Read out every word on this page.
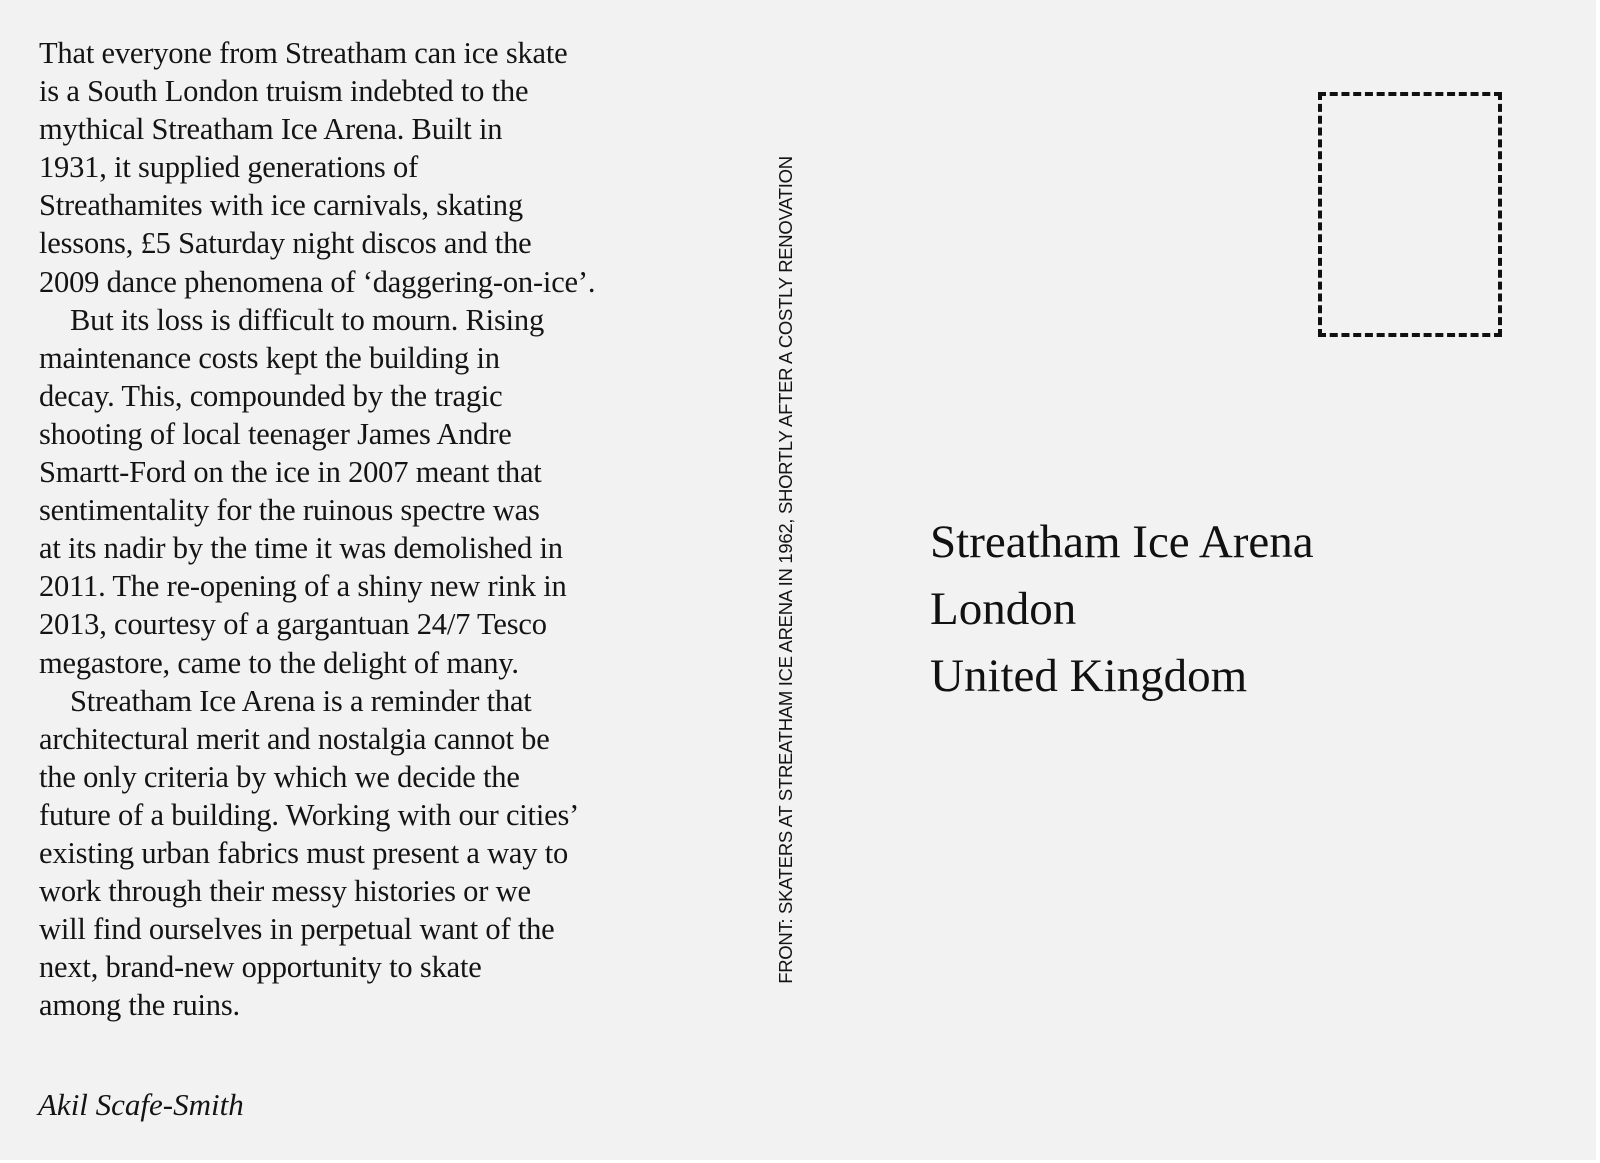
That everyone from Streatham can ice skate
is a South London truism indebted to the
mythical Streatham Ice Arena. Built in
1931, it supplied generations of
Streathamites with ice carnivals, skating
lessons, £5 Saturday night discos and the
2009 dance phenomena of ‘daggering-on-ice’.
But its loss is difficult to mourn. Rising
maintenance costs kept the building in
decay. This, compounded by the tragic
shooting of local teenager James Andre
Smartt-Ford on the ice in 2007 meant that
sentimentality for the ruinous spectre was
at its nadir by the time it was demolished in
2011. The re-opening of a shiny new rink in
2013, courtesy of a gargantuan 24/7 Tesco
megastore, came to the delight of many.
Streatham Ice Arena is a reminder that
architectural merit and nostalgia cannot be
the only criteria by which we decide the
future of a building. Working with our cities’
existing urban fabrics must present a way to
work through their messy histories or we
will find ourselves in perpetual want of the
next, brand-new opportunity to skate
among the ruins.
Akil Scafe-Smith
FRONT: SKATERS AT STREATHAM ICE ARENA IN 1962, SHORTLY AFTER A COSTLY RENOVATION	Streatham Ice Arena
London
United Kingdom
